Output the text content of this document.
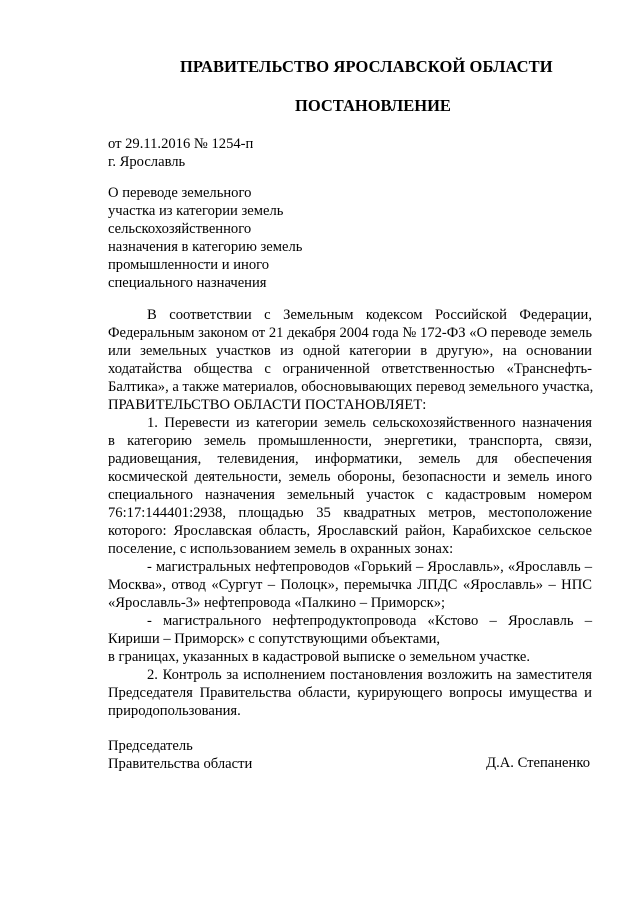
ПРАВИТЕЛЬСТВО ЯРОСЛАВСКОЙ ОБЛАСТИ
ПОСТАНОВЛЕНИЕ
от 29.11.2016 № 1254-п
г. Ярославль
О переводе земельного
участка из категории земель
сельскохозяйственного
назначения в категорию земель
промышленности и иного
специального назначения
В соответствии с Земельным кодексом Российской Федерации,
Федеральным законом от 21 декабря 2004 года № 172-ФЗ «О переводе земель
или земельных участков из одной категории в другую», на основании
ходатайства общества с ограниченной ответственностью «Транснефть-
Балтика», а также материалов, обосновывающих перевод земельного участка,
ПРАВИТЕЛЬСТВО ОБЛАСТИ ПОСТАНОВЛЯЕТ:
1. Перевести из категории земель сельскохозяйственного назначения
в категорию земель промышленности, энергетики, транспорта, связи,
радиовещания, телевидения, информатики, земель для обеспечения
космической деятельности, земель обороны, безопасности и земель иного
специального назначения земельный участок с кадастровым номером
76:17:144401:2938, площадью 35 квадратных метров, местоположение
которого: Ярославская область, Ярославский район, Карабихское сельское
поселение, с использованием земель в охранных зонах:
- магистральных нефтепроводов «Горький – Ярославль», «Ярославль –
Москва», отвод «Сургут – Полоцк», перемычка ЛПДС «Ярославль» – НПС
«Ярославль-3» нефтепровода «Палкино – Приморск»;
- магистрального нефтепродуктопровода «Кстово – Ярославль –
Кириши – Приморск» с сопутствующими объектами,
в границах, указанных в кадастровой выписке о земельном участке.
2. Контроль за исполнением постановления возложить на заместителя
Председателя Правительства области, курирующего вопросы имущества и
природопользования.
Председатель
Правительства области	Д.А. Степаненко
